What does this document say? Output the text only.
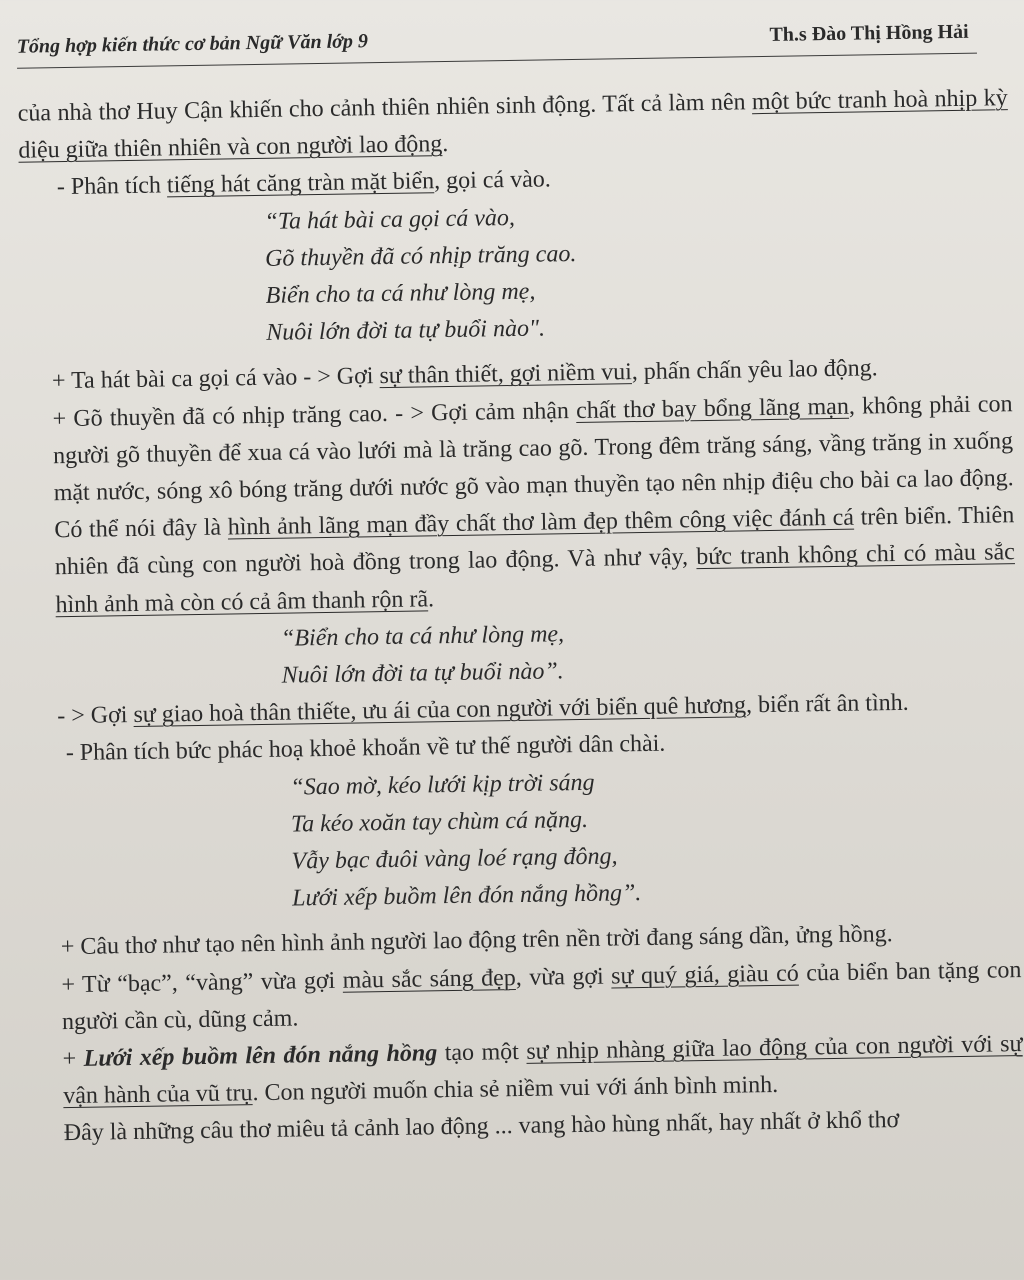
Tổng hợp kiến thức cơ bản Ngữ Văn lớp 9	Th.s Đào Thị Hồng Hải

của nhà thơ Huy Cận khiến cho cảnh thiên nhiên sinh động. Tất cả làm nên một bức tranh hoà nhịp kỳ diệu giữa thiên nhiên và con người lao động.

- Phân tích tiếng hát căng tràn mặt biển, gọi cá vào.

“Ta hát bài ca gọi cá vào,
Gõ thuyền đã có nhịp trăng cao.
Biển cho ta cá như lòng mẹ,
Nuôi lớn đời ta tự buổi nào".

+ Ta hát bài ca gọi cá vào - > Gợi sự thân thiết, gợi niềm vui, phấn chấn yêu lao động.

+ Gõ thuyền đã có nhịp trăng cao. - > Gợi cảm nhận chất thơ bay bổng lãng mạn, không phải con người gõ thuyền để xua cá vào lưới mà là trăng cao gõ. Trong đêm trăng sáng, vầng trăng in xuống mặt nước, sóng xô bóng trăng dưới nước gõ vào mạn thuyền tạo nên nhịp điệu cho bài ca lao động. Có thể nói đây là hình ảnh lãng mạn đầy chất thơ làm đẹp thêm công việc đánh cá trên biển. Thiên nhiên đã cùng con người hoà đồng trong lao động. Và như vậy, bức tranh không chỉ có màu sắc hình ảnh mà còn có cả âm thanh rộn rã.

“Biển cho ta cá như lòng mẹ,
Nuôi lớn đời ta tự buổi nào”.

- > Gợi sự giao hoà thân thiếte, ưu ái của con người với biển quê hương, biển rất ân tình.

- Phân tích bức phác hoạ khoẻ khoắn về tư thế người dân chài.

“Sao mờ, kéo lưới kịp trời sáng
Ta kéo xoăn tay chùm cá nặng.
Vẫy bạc đuôi vàng loé rạng đông,
Lưới xếp buồm lên đón nắng hồng”.

+ Câu thơ như tạo nên hình ảnh người lao động trên nền trời đang sáng dần, ửng hồng.

+ Từ “bạc”, “vàng” vừa gợi màu sắc sáng đẹp, vừa gợi sự quý giá, giàu có của biển ban tặng con người cần cù, dũng cảm.

+ Lưới xếp buồm lên đón nắng hồng tạo một sự nhịp nhàng giữa lao động của con người với sự vận hành của vũ trụ. Con người muốn chia sẻ niềm vui với ánh bình minh.

Đây là những câu thơ miêu tả cảnh lao động ... vang hào hùng nhất, hay nhất ở khổ thơ
